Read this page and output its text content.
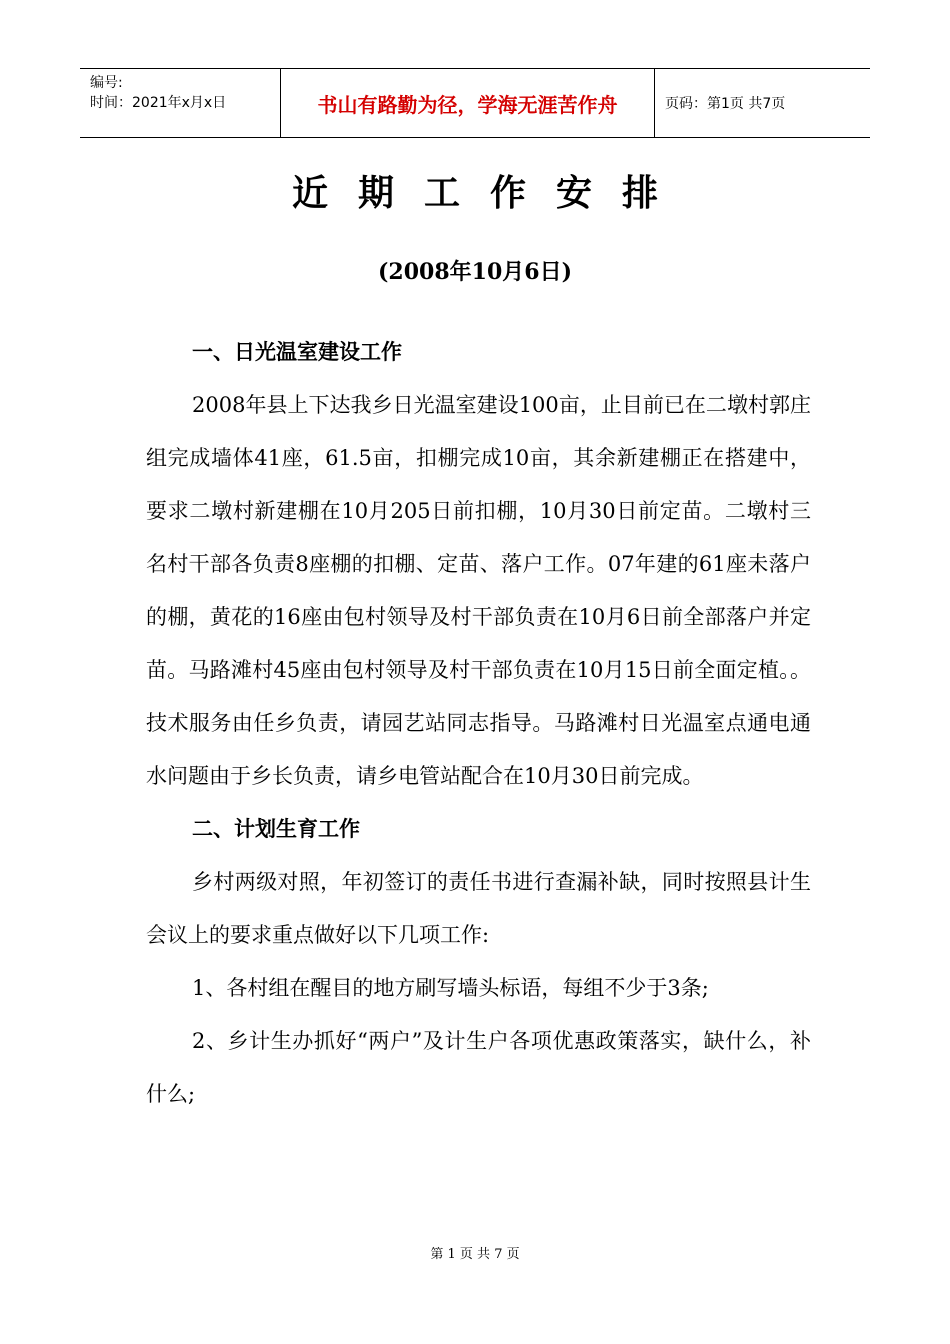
编号:
时间：2021年x月x日	书山有路勤为径，学海无涯苦作舟	页码：第1页 共7页
近期工作安排
(2008年10月6日)

一、日光温室建设工作

2008年县上下达我乡日光温室建设100亩，止目前已在二墩村郭庄组完成墙体41座，61.5亩，扣棚完成10亩，其余新建棚正在搭建中，要求二墩村新建棚在10月205日前扣棚，10月30日前定苗。二墩村三名村干部各负责8座棚的扣棚、定苗、落户工作。07年建的61座未落户的棚，黄花的16座由包村领导及村干部负责在10月6日前全部落户并定苗。马路滩村45座由包村领导及村干部负责在10月15日前全面定植。。技术服务由任乡负责，请园艺站同志指导。马路滩村日光温室点通电通水问题由于乡长负责，请乡电管站配合在10月30日前完成。

二、计划生育工作

乡村两级对照，年初签订的责任书进行查漏补缺，同时按照县计生会议上的要求重点做好以下几项工作:

1、各村组在醒目的地方刷写墙头标语，每组不少于3条;

2、乡计生办抓好“两户”及计生户各项优惠政策落实，缺什么，补什么;

第 1 页 共 7 页
